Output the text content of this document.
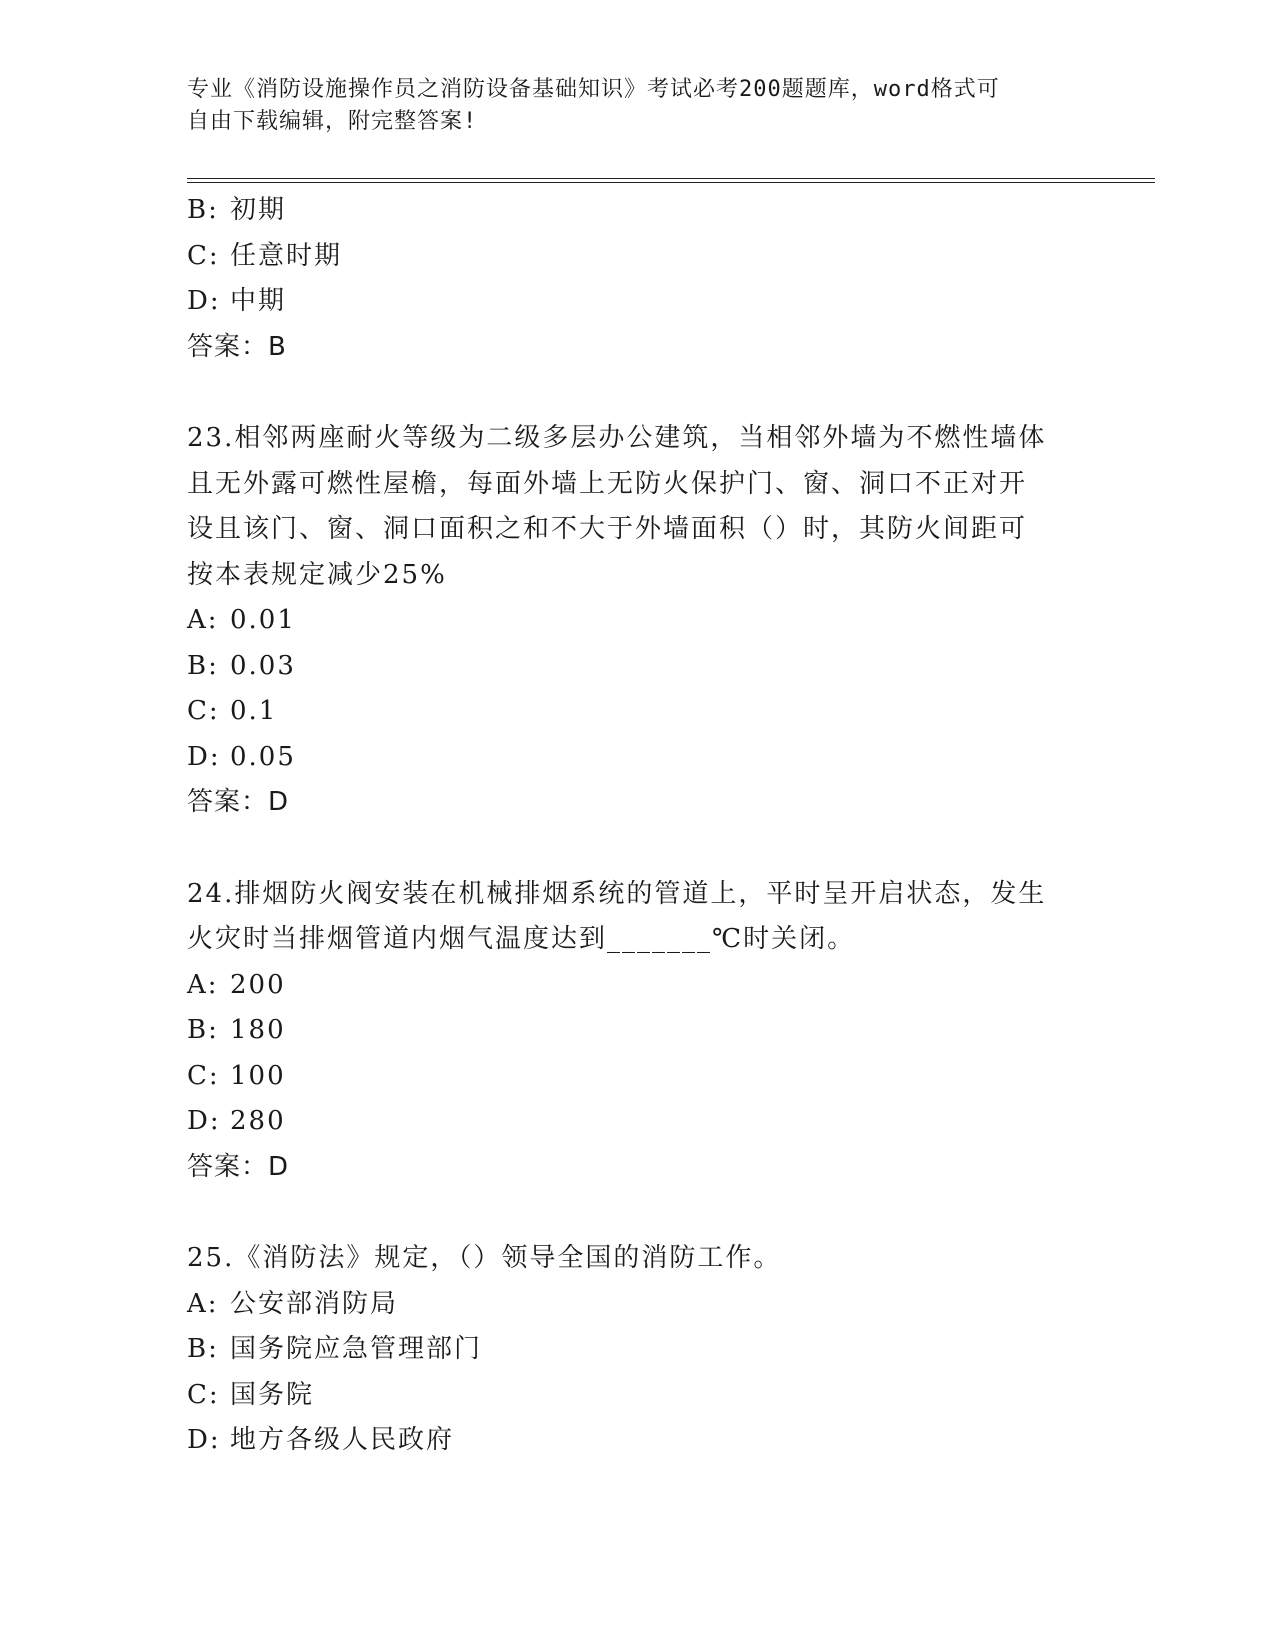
专业《消防设施操作员之消防设备基础知识》考试必考200题题库，word格式可
自由下载编辑，附完整答案!
B: 初期
C: 任意时期
D: 中期
答案：B
23.相邻两座耐火等级为二级多层办公建筑，当相邻外墙为不燃性墙体
且无外露可燃性屋檐，每面外墙上无防火保护门、窗、洞口不正对开
设且该门、窗、洞口面积之和不大于外墙面积（）时，其防火间距可
按本表规定减少25%
A: 0.01
B: 0.03
C: 0.1
D: 0.05
答案：D
24.排烟防火阀安装在机械排烟系统的管道上，平时呈开启状态，发生
火灾时当排烟管道内烟气温度达到_______℃时关闭。
A: 200
B: 180
C: 100
D: 280
答案：D
25.《消防法》规定，（）领导全国的消防工作。
A: 公安部消防局
B: 国务院应急管理部门
C: 国务院
D: 地方各级人民政府
